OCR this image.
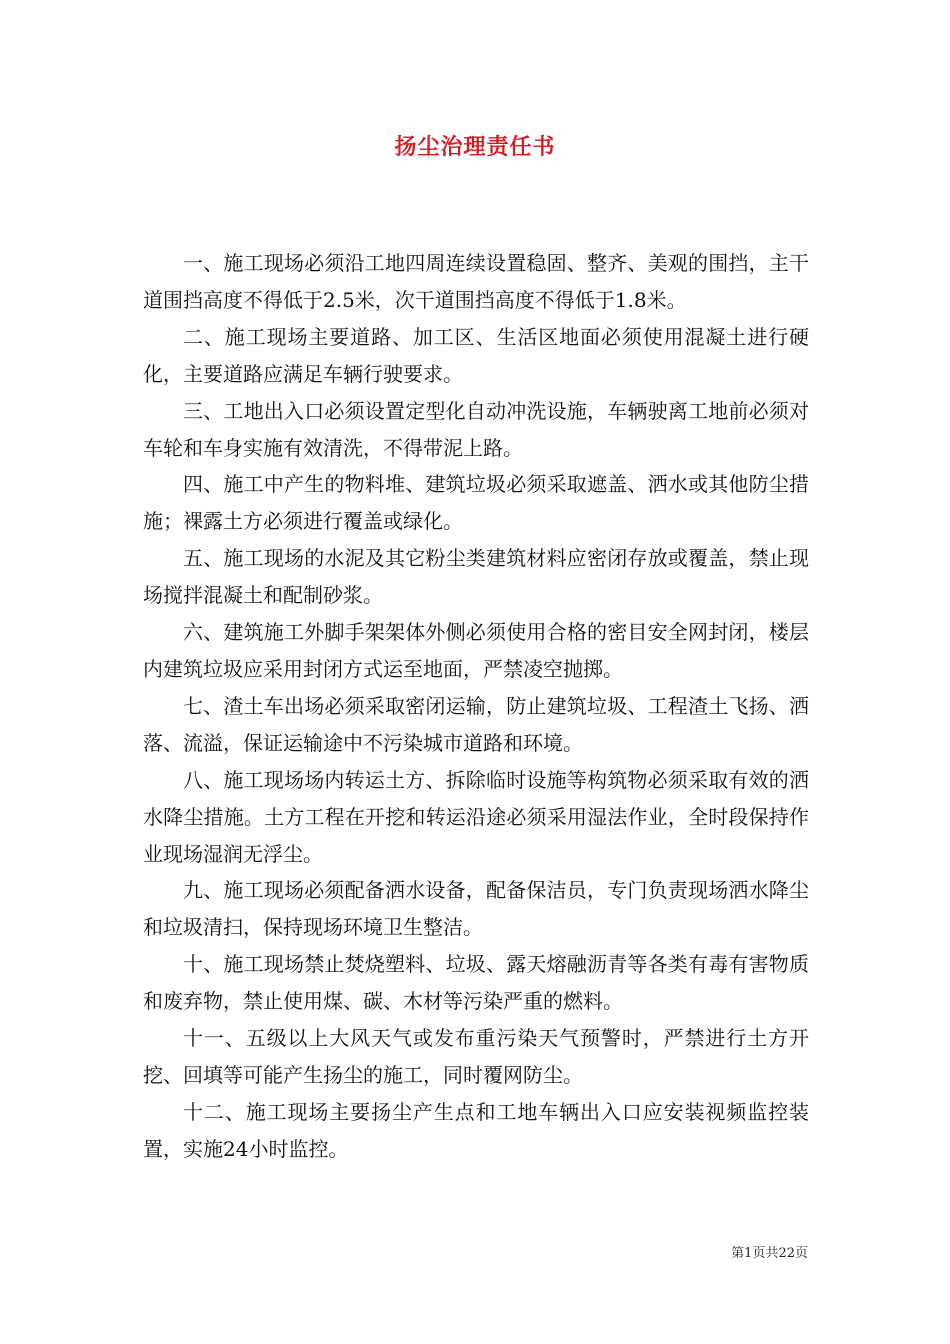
扬尘治理责任书

一、施工现场必须沿工地四周连续设置稳固、整齐、美观的围挡，主干道围挡高度不得低于2.5米，次干道围挡高度不得低于1.8米。

二、施工现场主要道路、加工区、生活区地面必须使用混凝土进行硬化，主要道路应满足车辆行驶要求。

三、工地出入口必须设置定型化自动冲洗设施，车辆驶离工地前必须对车轮和车身实施有效清洗，不得带泥上路。

四、施工中产生的物料堆、建筑垃圾必须采取遮盖、洒水或其他防尘措施；裸露土方必须进行覆盖或绿化。

五、施工现场的水泥及其它粉尘类建筑材料应密闭存放或覆盖，禁止现场搅拌混凝土和配制砂浆。

六、建筑施工外脚手架架体外侧必须使用合格的密目安全网封闭，楼层内建筑垃圾应采用封闭方式运至地面，严禁凌空抛掷。

七、渣土车出场必须采取密闭运输，防止建筑垃圾、工程渣土飞扬、洒落、流溢，保证运输途中不污染城市道路和环境。

八、施工现场场内转运土方、拆除临时设施等构筑物必须采取有效的洒水降尘措施。土方工程在开挖和转运沿途必须采用湿法作业，全时段保持作业现场湿润无浮尘。

九、施工现场必须配备洒水设备，配备保洁员，专门负责现场洒水降尘和垃圾清扫，保持现场环境卫生整洁。

十、施工现场禁止焚烧塑料、垃圾、露天熔融沥青等各类有毒有害物质和废弃物，禁止使用煤、碳、木材等污染严重的燃料。

十一、五级以上大风天气或发布重污染天气预警时，严禁进行土方开挖、回填等可能产生扬尘的施工，同时覆网防尘。

十二、施工现场主要扬尘产生点和工地车辆出入口应安装视频监控装置，实施24小时监控。

第1页共22页
